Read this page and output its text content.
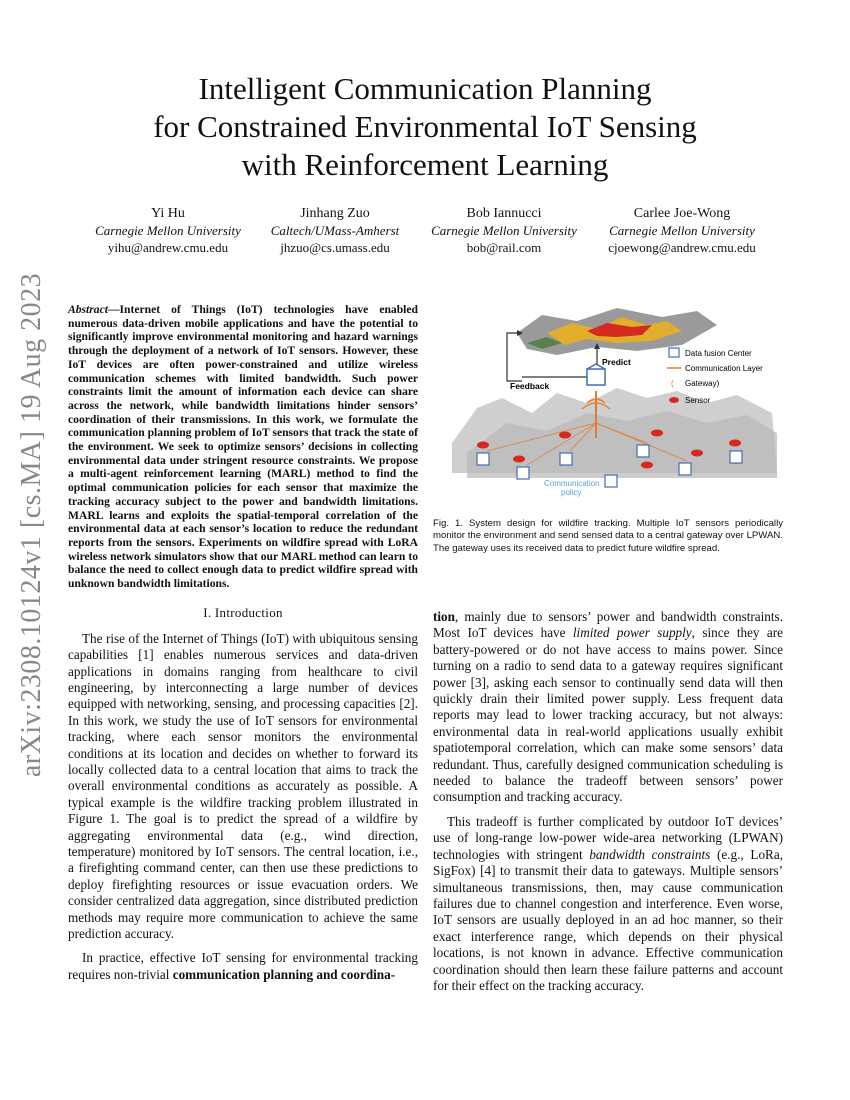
arXiv:2308.10124v1 [cs.MA] 19 Aug 2023
Intelligent Communication Planning
for Constrained Environmental IoT Sensing
with Reinforcement Learning
Yi Hu
Carnegie Mellon University
yihu@andrew.cmu.edu
Jinhang Zuo
Caltech/UMass-Amherst
jhzuo@cs.umass.edu
Bob Iannucci
Carnegie Mellon University
bob@rail.com
Carlee Joe-Wong
Carnegie Mellon University
cjoewong@andrew.cmu.edu
Abstract—Internet of Things (IoT) technologies have enabled numerous data-driven mobile applications and have the potential to significantly improve environmental monitoring and hazard warnings through the deployment of a network of IoT sensors. However, these IoT devices are often power-constrained and utilize wireless communication schemes with limited bandwidth. Such power constraints limit the amount of information each device can share across the network, while bandwidth limitations hinder sensors’ coordination of their transmissions. In this work, we formulate the communication planning problem of IoT sensors that track the state of the environment. We seek to optimize sensors’ decisions in collecting environmental data under stringent resource constraints. We propose a multi-agent reinforcement learning (MARL) method to find the optimal communication policies for each sensor that maximize the tracking accuracy subject to the power and bandwidth limitations. MARL learns and exploits the spatial-temporal correlation of the environmental data at each sensor’s location to reduce the redundant reports from the sensors. Experiments on wildfire spread with LoRA wireless network simulators show that our MARL method can learn to balance the need to collect enough data to predict wildfire spread with unknown bandwidth limitations.
I. Introduction

The rise of the Internet of Things (IoT) with ubiquitous sensing capabilities [1] enables numerous services and data-driven applications in domains ranging from healthcare to civil engineering, by interconnecting a large number of devices equipped with networking, sensing, and processing capacities [2]. In this work, we study the use of IoT sensors for environmental tracking, where each sensor monitors the environmental conditions at its location and decides on whether to forward its locally collected data to a central location that aims to track the overall environmental conditions as accurately as possible. A typical example is the wildfire tracking problem illustrated in Figure 1. The goal is to predict the spread of a wildfire by aggregating environmental data (e.g., wind direction, temperature) monitored by IoT sensors. The central location, i.e., a firefighting command center, can then use these predictions to deploy firefighting resources or issue evacuation orders. We consider centralized data aggregation, since distributed prediction methods may require more communication to achieve the same prediction accuracy.

In practice, effective IoT sensing for environmental tracking requires non-trivial communication planning and coordina-

Feedback
Predict
Communication
policy
Data fusion Center
Communication Layer
( Gateway)
Sensor
Fig. 1. System design for wildfire tracking. Multiple IoT sensors periodically monitor the environment and send sensed data to a central gateway over LPWAN. The gateway uses its received data to predict future wildfire spread.

tion, mainly due to sensors’ power and bandwidth constraints. Most IoT devices have limited power supply, since they are battery-powered or do not have access to mains power. Since turning on a radio to send data to a gateway requires significant power [3], asking each sensor to continually send data will then quickly drain their limited power supply. Less frequent data reports may lead to lower tracking accuracy, but not always: environmental data in real-world applications usually exhibit spatiotemporal correlation, which can make some sensors’ data redundant. Thus, carefully designed communication scheduling is needed to balance the tradeoff between sensors’ power consumption and tracking accuracy.

This tradeoff is further complicated by outdoor IoT devices’ use of long-range low-power wide-area networking (LPWAN) technologies with stringent bandwidth constraints (e.g., LoRa, SigFox) [4] to transmit their data to gateways. Multiple sensors’ simultaneous transmissions, then, may cause communication failures due to channel congestion and interference. Even worse, IoT sensors are usually deployed in an ad hoc manner, so their exact interference range, which depends on their physical locations, is not known in advance. Effective communication coordination should then learn these failure patterns and account for their effect on the tracking accuracy.
